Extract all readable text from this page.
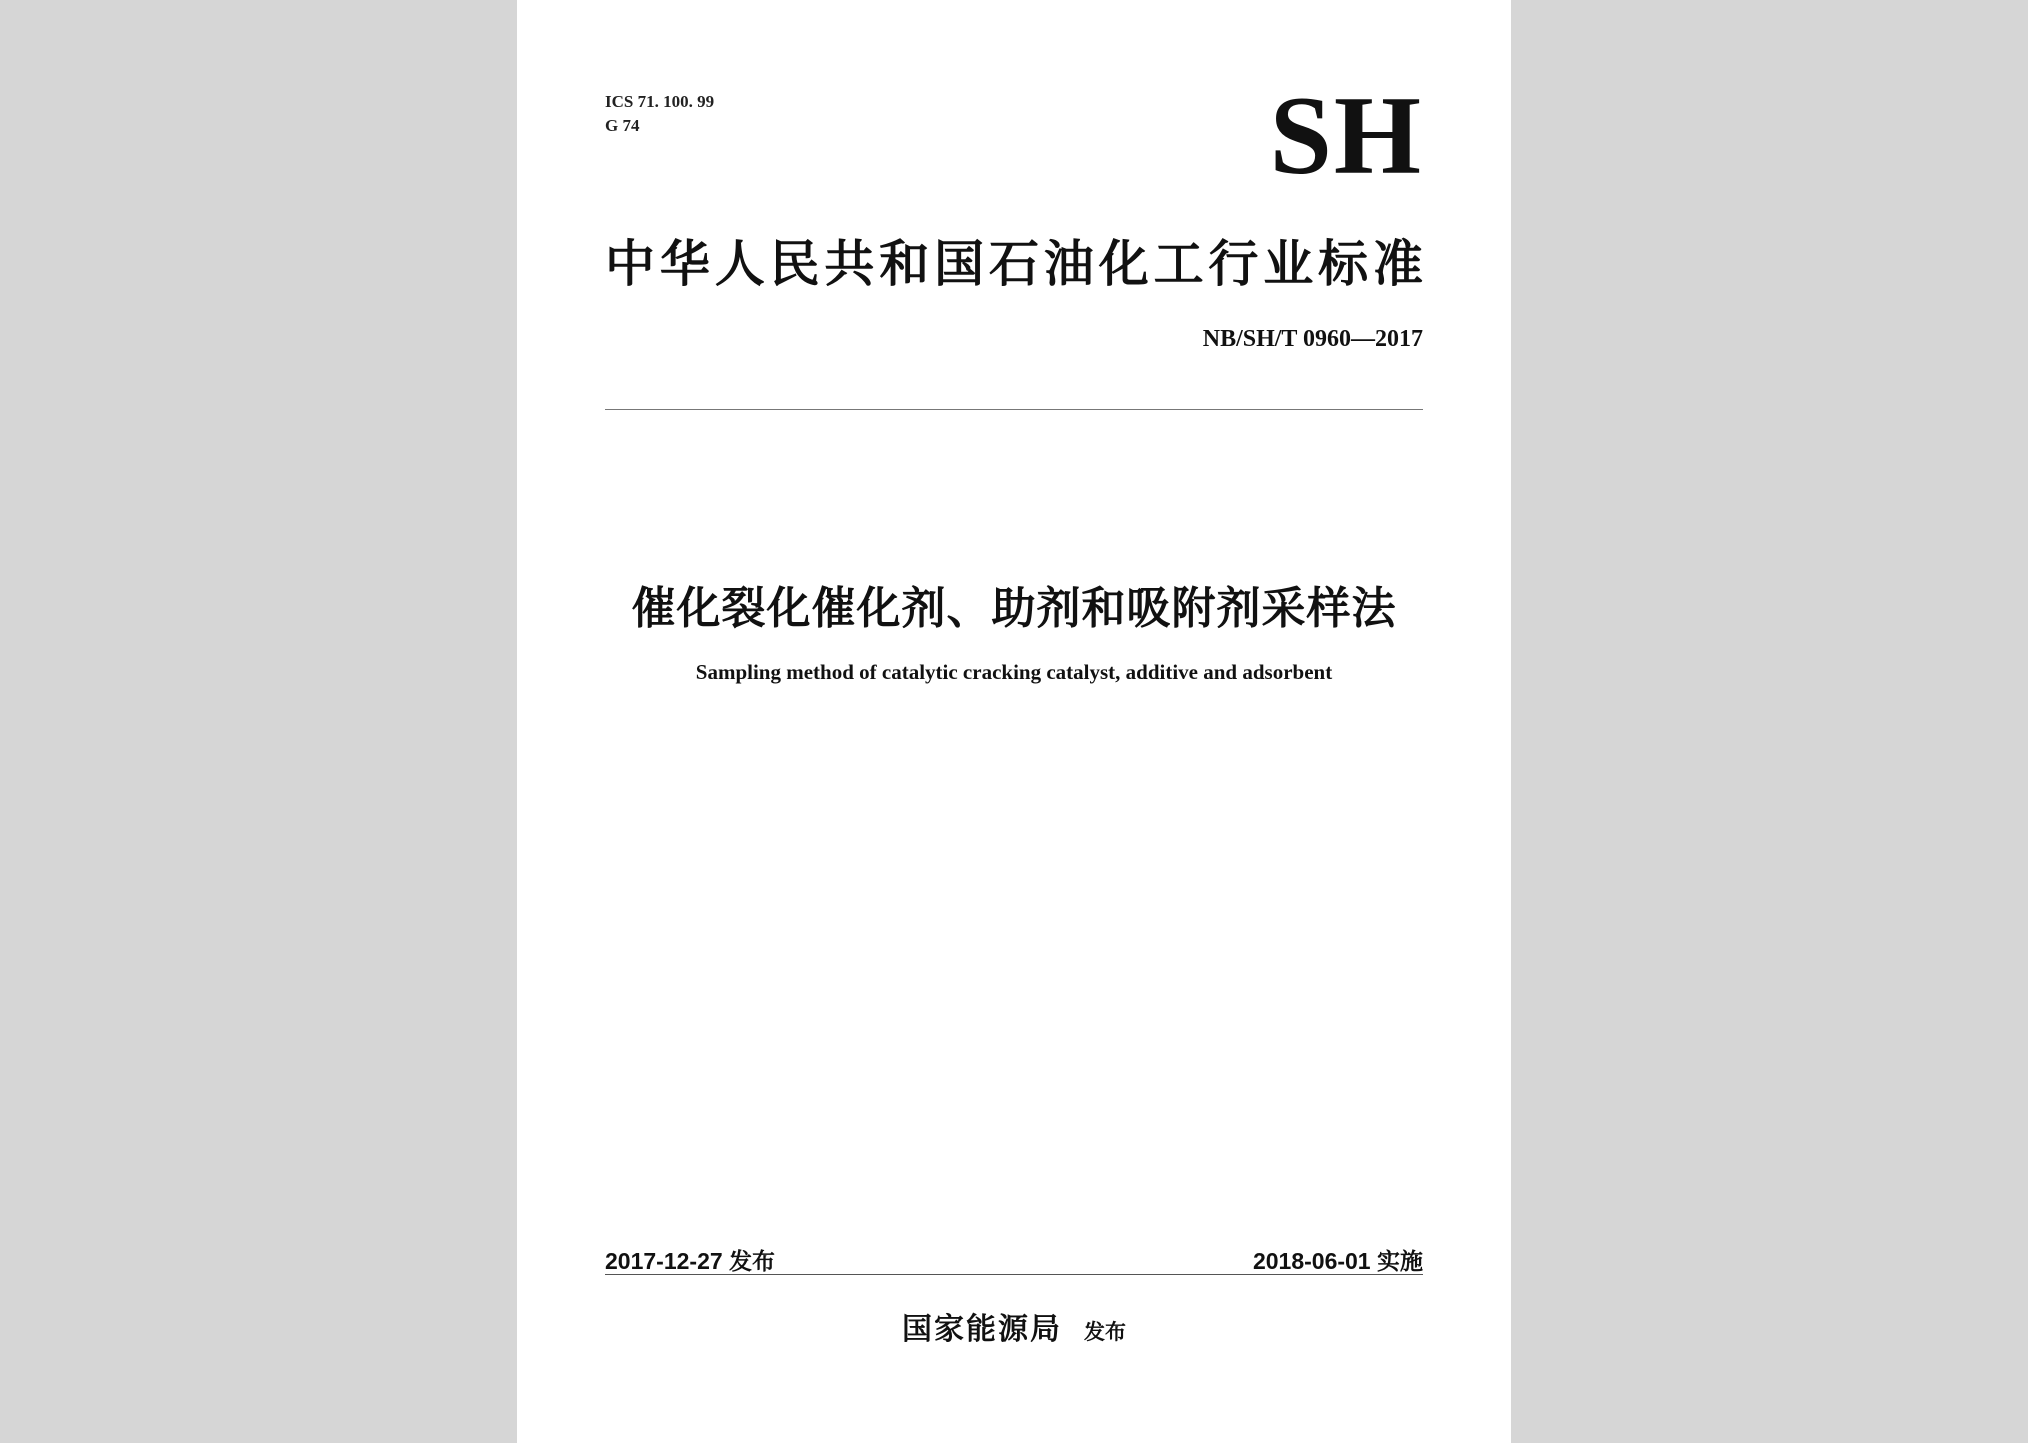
ICS 71. 100. 99
G 74	SH
中华人民共和国石油化工行业标准
NB/SH/T 0960—2017
催化裂化催化剂、助剂和吸附剂采样法
Sampling method of catalytic cracking catalyst, additive and adsorbent
2017-12-27 发布	2018-06-01 实施
国家能源局 发布
